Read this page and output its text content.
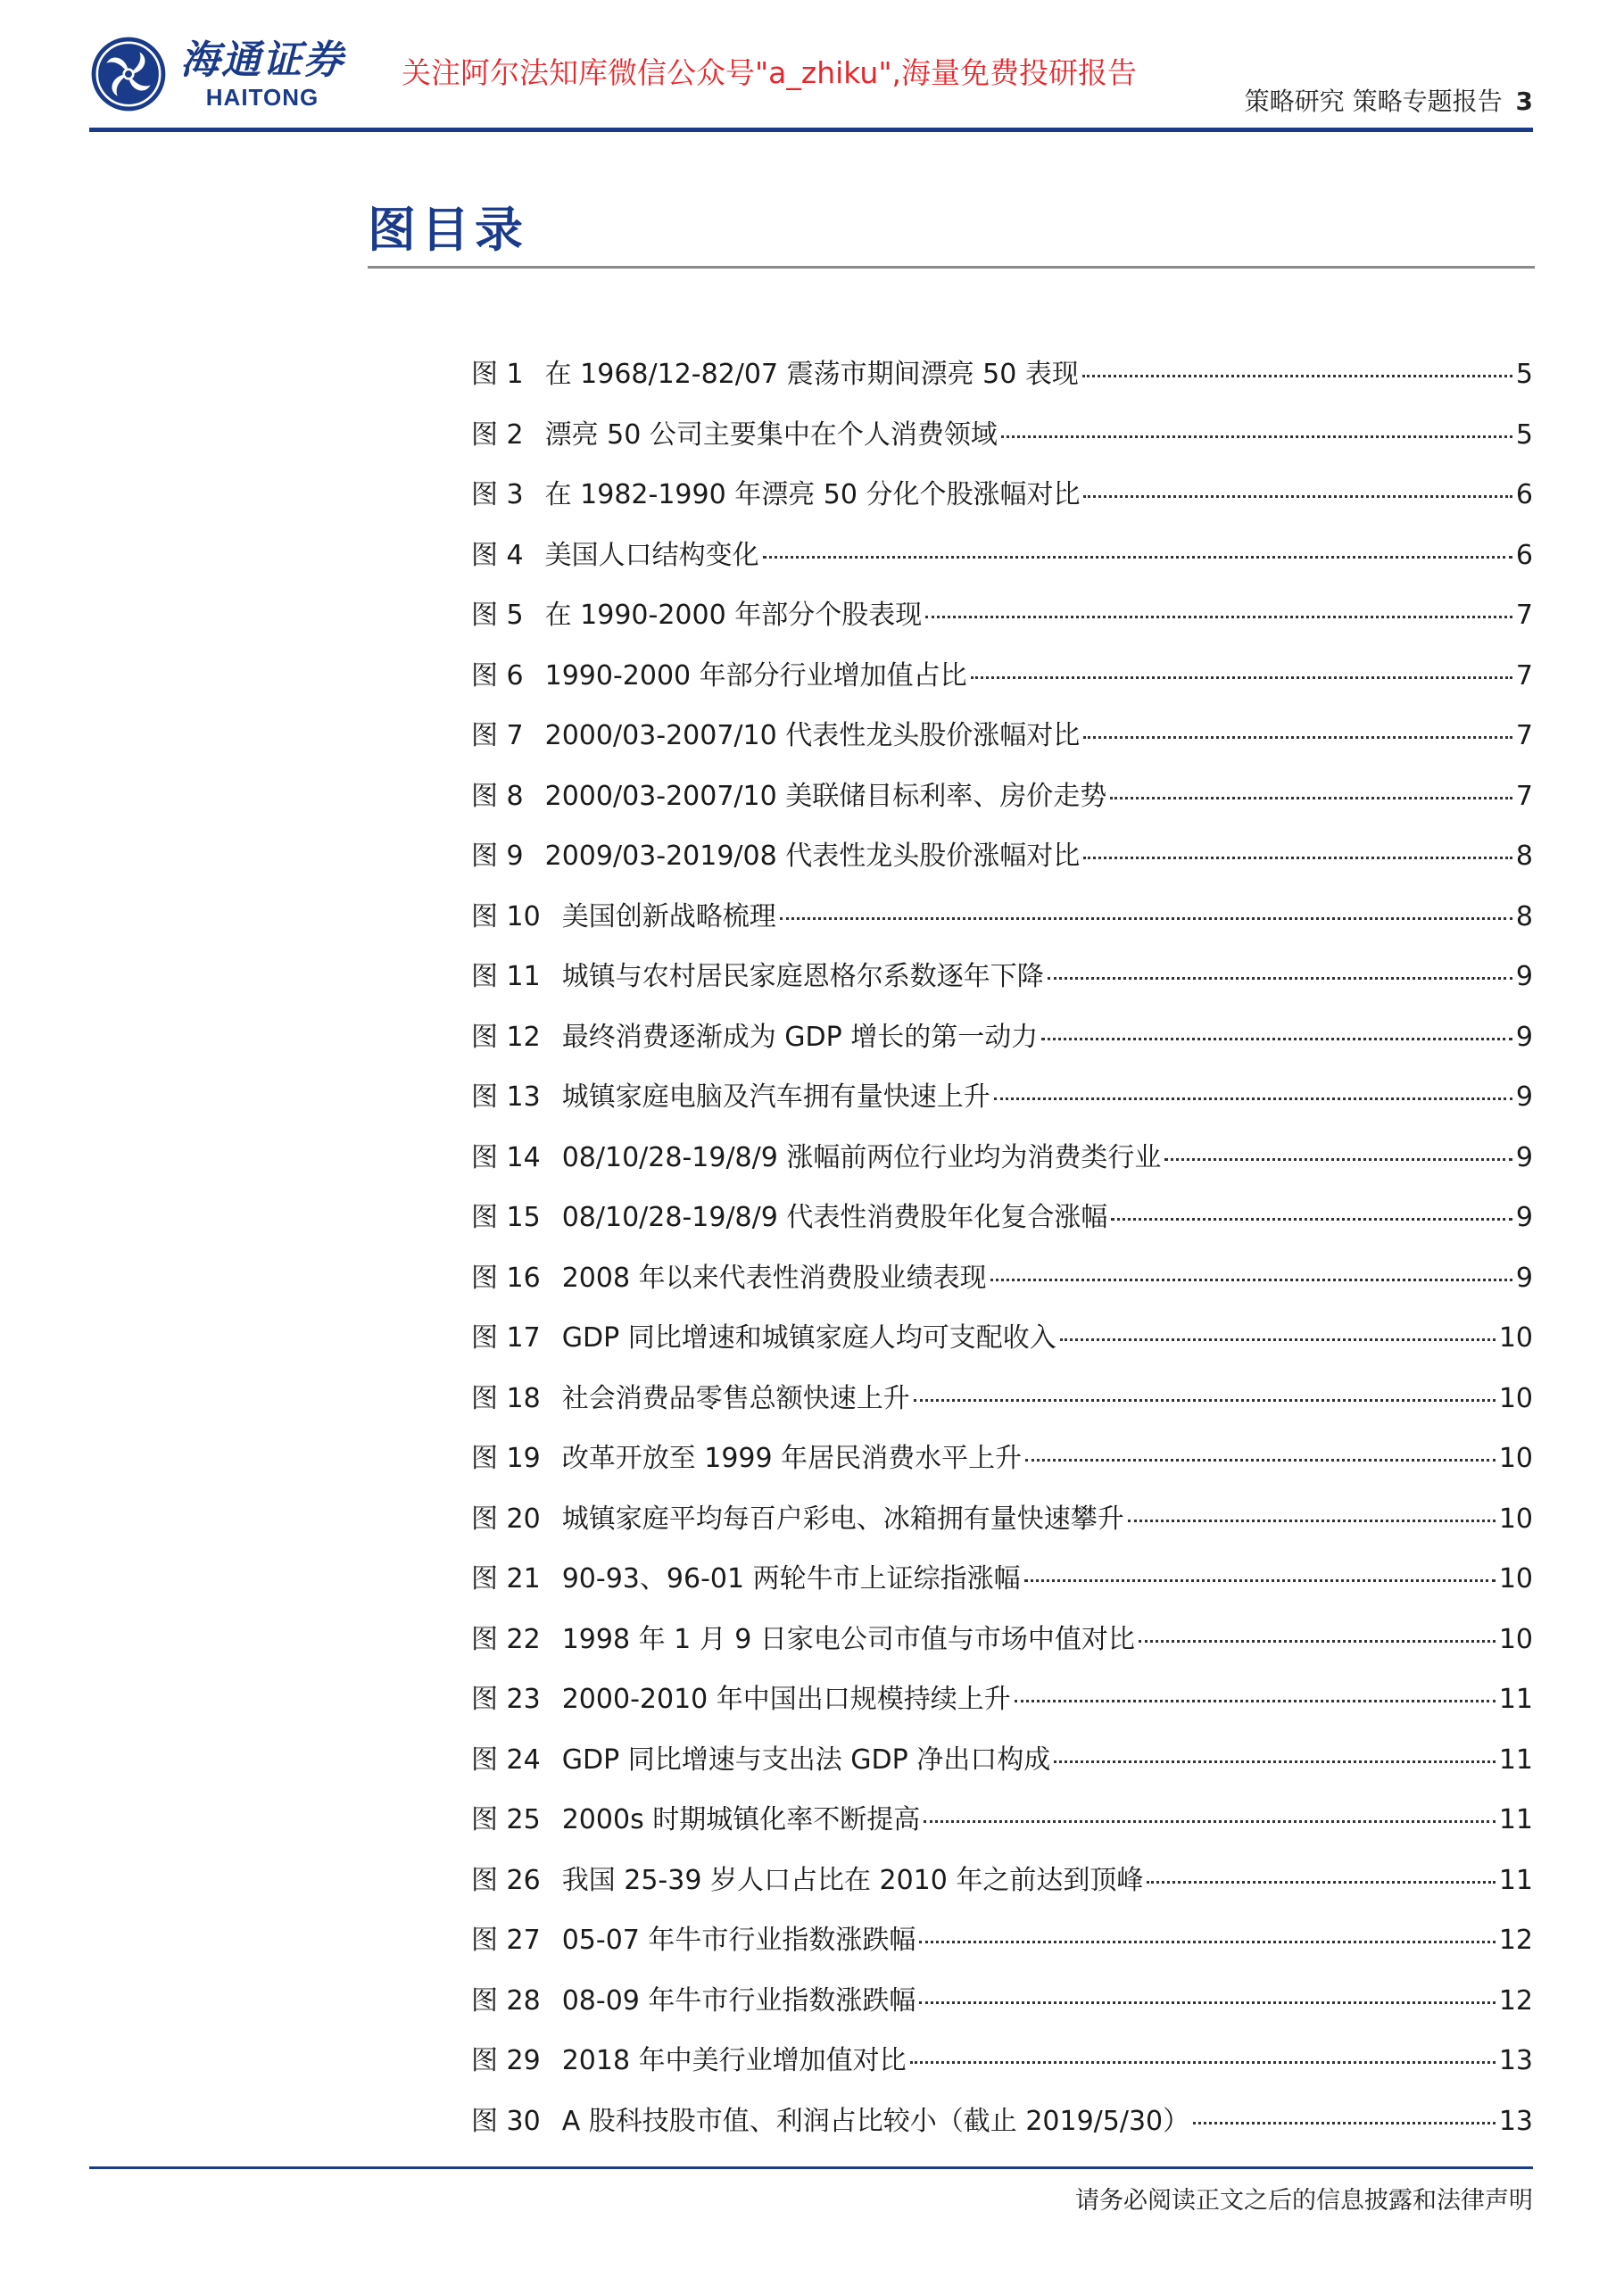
海通证券
HAITONG
关注阿尔法知库微信公众号"a_zhiku",海量免费投研报告
策略研究 策略专题报告 3
图目录
图 1 在 1968/12-82/07 震荡市期间漂亮 50 表现	5
图 2 漂亮 50 公司主要集中在个人消费领域	5
图 3 在 1982-1990 年漂亮 50 分化个股涨幅对比	6
图 4 美国人口结构变化	6
图 5 在 1990-2000 年部分个股表现	7
图 6 1990-2000 年部分行业增加值占比	7
图 7 2000/03-2007/10 代表性龙头股价涨幅对比	7
图 8 2000/03-2007/10 美联储目标利率、房价走势	7
图 9 2009/03-2019/08 代表性龙头股价涨幅对比	8
图 10 美国创新战略梳理	8
图 11 城镇与农村居民家庭恩格尔系数逐年下降	9
图 12 最终消费逐渐成为 GDP 增长的第一动力	9
图 13 城镇家庭电脑及汽车拥有量快速上升	9
图 14 08/10/28-19/8/9 涨幅前两位行业均为消费类行业	9
图 15 08/10/28-19/8/9 代表性消费股年化复合涨幅	9
图 16 2008 年以来代表性消费股业绩表现	9
图 17 GDP 同比增速和城镇家庭人均可支配收入	10
图 18 社会消费品零售总额快速上升	10
图 19 改革开放至 1999 年居民消费水平上升	10
图 20 城镇家庭平均每百户彩电、冰箱拥有量快速攀升	10
图 21 90-93、96-01 两轮牛市上证综指涨幅	10
图 22 1998 年 1 月 9 日家电公司市值与市场中值对比	10
图 23 2000-2010 年中国出口规模持续上升	11
图 24 GDP 同比增速与支出法 GDP 净出口构成	11
图 25 2000s 时期城镇化率不断提高	11
图 26 我国 25-39 岁人口占比在 2010 年之前达到顶峰	11
图 27 05-07 年牛市行业指数涨跌幅	12
图 28 08-09 年牛市行业指数涨跌幅	12
图 29 2018 年中美行业增加值对比	13
图 30 A 股科技股市值、利润占比较小（截止 2019/5/30）	13
请务必阅读正文之后的信息披露和法律声明
